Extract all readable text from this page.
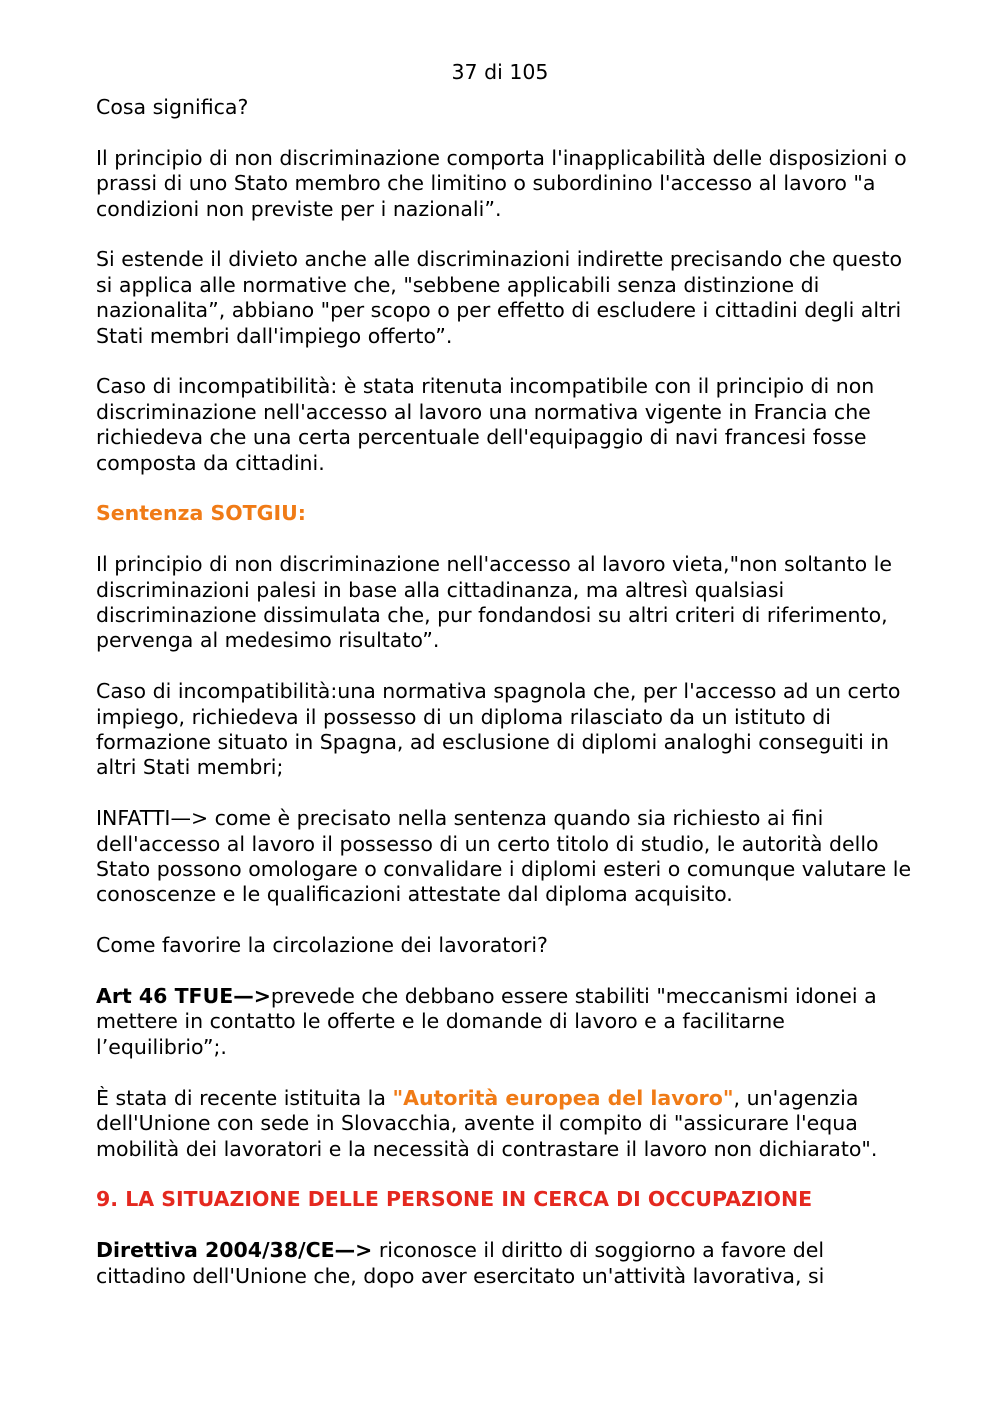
37 di 105

Cosa significa?

Il principio di non discriminazione comporta l'inapplicabilità delle disposizioni o prassi di uno Stato membro che limitino o subordinino l'accesso al lavoro "a condizioni non previste per i nazionali”.

Si estende il divieto anche alle discriminazioni indirette precisando che questo si applica alle normative che, "sebbene applicabili senza distinzione di nazionalita”, abbiano "per scopo o per effetto di escludere i cittadini degli altri Stati membri dall'impiego offerto”.

Caso di incompatibilità: è stata ritenuta incompatibile con il principio di non discriminazione nell'accesso al lavoro una normativa vigente in Francia che richiedeva che una certa percentuale dell'equipaggio di navi francesi fosse composta da cittadini.

Sentenza SOTGIU:

Il principio di non discriminazione nell'accesso al lavoro vieta,"non soltanto le discriminazioni palesi in base alla cittadinanza, ma altresì qualsiasi discriminazione dissimulata che, pur fondandosi su altri criteri di riferimento, pervenga al medesimo risultato”.

Caso di incompatibilità:una normativa spagnola che, per l'accesso ad un certo impiego, richiedeva il possesso di un diploma rilasciato da un istituto di formazione situato in Spagna, ad esclusione di diplomi analoghi conseguiti in altri Stati membri;

INFATTI—> come è precisato nella sentenza quando sia richiesto ai fini dell'accesso al lavoro il possesso di un certo titolo di studio, le autorità dello Stato possono omologare o convalidare i diplomi esteri o comunque valutare le conoscenze e le qualificazioni attestate dal diploma acquisito.

Come favorire la circolazione dei lavoratori?

Art 46 TFUE—>prevede che debbano essere stabiliti "meccanismi idonei a mettere in contatto le offerte e le domande di lavoro e a facilitarne l’equilibrio”;.

È stata di recente istituita la "Autorità europea del lavoro", un'agenzia dell'Unione con sede in Slovacchia, avente il compito di "assicurare l'equa mobilità dei lavoratori e la necessità di contrastare il lavoro non dichiarato".

9. LA SITUAZIONE DELLE PERSONE IN CERCA DI OCCUPAZIONE

Direttiva 2004/38/CE—> riconosce il diritto di soggiorno a favore del cittadino dell'Unione che, dopo aver esercitato un'attività lavorativa, si
